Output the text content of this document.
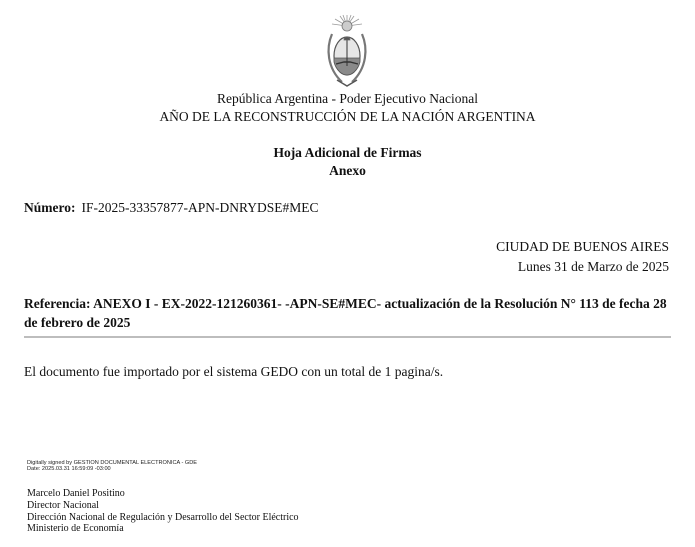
República Argentina - Poder Ejecutivo Nacional
AÑO DE LA RECONSTRUCCIÓN DE LA NACIÓN ARGENTINA
Hoja Adicional de Firmas
Anexo
Número: IF-2025-33357877-APN-DNRYDSE#MEC
CIUDAD DE BUENOS AIRES
Lunes 31 de Marzo de 2025
Referencia: ANEXO I - EX-2022-121260361- -APN-SE#MEC- actualización de la Resolución N° 113 de fecha 28 de febrero de 2025
El documento fue importado por el sistema GEDO con un total de 1 pagina/s.
Digitally signed by GESTION DOCUMENTAL ELECTRONICA - GDE
Date: 2025.03.31 16:59:09 -03:00
Marcelo Daniel Positino
Director Nacional
Dirección Nacional de Regulación y Desarrollo del Sector Eléctrico
Ministerio de Economía
